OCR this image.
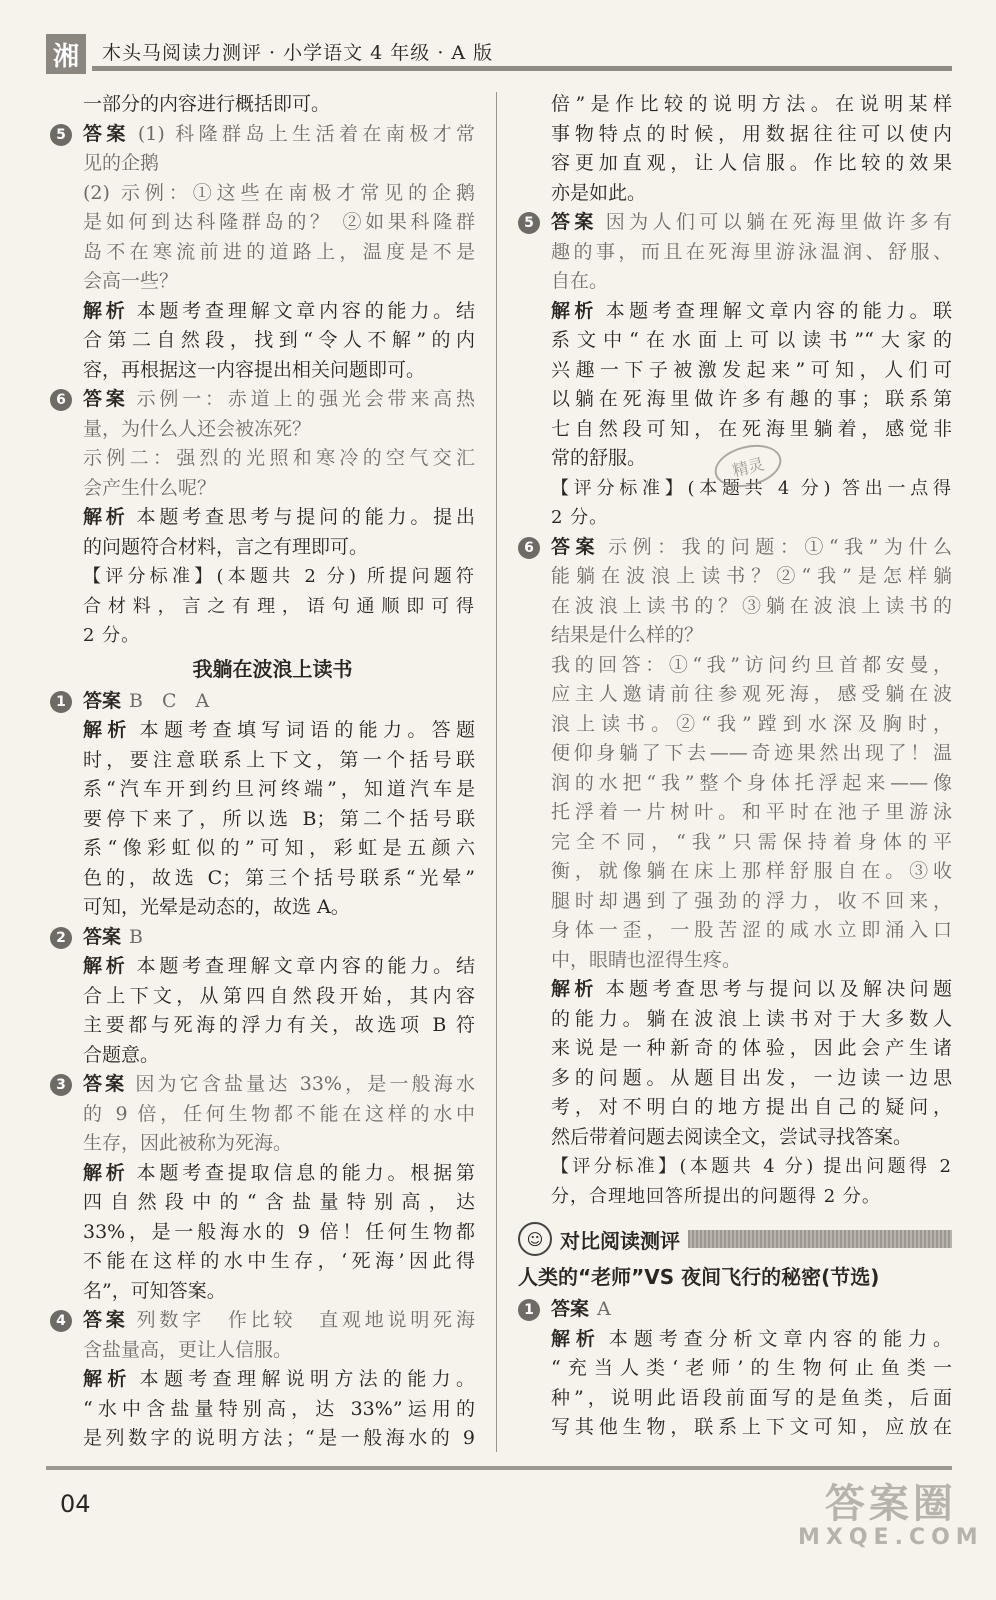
湘	木头马阅读力测评 · 小学语文 4 年级 · A 版
一部分的内容进行概括即可。
5 答案 (1) 科隆群岛上生活着在南极才常
见的企鹅
(2) 示例：①这些在南极才常见的企鹅
是如何到达科隆群岛的？ ②如果科隆群
岛不在寒流前进的道路上，温度是不是
会高一些？
解析 本题考查理解文章内容的能力。结
合第二自然段，找到“令人不解”的内
容，再根据这一内容提出相关问题即可。
6 答案 示例一：赤道上的强光会带来高热
量，为什么人还会被冻死？
示例二：强烈的光照和寒冷的空气交汇
会产生什么呢？
解析 本题考查思考与提问的能力。提出
的问题符合材料，言之有理即可。
【评分标准】(本题共 2 分) 所提问题符
合材料，言之有理，语句通顺即可得
2 分。
我躺在波浪上读书
1 答案 B　C　A
解析 本题考查填写词语的能力。答题
时，要注意联系上下文，第一个括号联
系“汽车开到约旦河终端”，知道汽车是
要停下来了，所以选 B；第二个括号联
系“像彩虹似的”可知，彩虹是五颜六
色的，故选 C；第三个括号联系“光晕”
可知，光晕是动态的，故选 A。
2 答案 B
解析 本题考查理解文章内容的能力。结
合上下文，从第四自然段开始，其内容
主要都与死海的浮力有关，故选项 B 符
合题意。
3 答案 因为它含盐量达 33%，是一般海水
的 9 倍，任何生物都不能在这样的水中
生存，因此被称为死海。
解析 本题考查提取信息的能力。根据第
四自然段中的“含盐量特别高，达
33%，是一般海水的 9 倍！任何生物都
不能在这样的水中生存，‘死海’因此得
名”，可知答案。
4 答案 列数字　作比较　直观地说明死海
含盐量高，更让人信服。
解析 本题考查理解说明方法的能力。
“水中含盐量特别高，达 33%”运用的
是列数字的说明方法；“是一般海水的 9
倍”是作比较的说明方法。在说明某样
事物特点的时候，用数据往往可以使内
容更加直观，让人信服。作比较的效果
亦是如此。
5 答案 因为人们可以躺在死海里做许多有
趣的事，而且在死海里游泳温润、舒服、
自在。
解析 本题考查理解文章内容的能力。联
系文中“在水面上可以读书”“大家的
兴趣一下子被激发起来”可知，人们可
以躺在死海里做许多有趣的事；联系第
七自然段可知，在死海里躺着，感觉非
常的舒服。
【评分标准】(本题共 4 分) 答出一点得
2 分。
6 答案 示例：我的问题：①“我”为什么
能躺在波浪上读书？②“我”是怎样躺
在波浪上读书的？③躺在波浪上读书的
结果是什么样的？
我的回答：①“我”访问约旦首都安曼，
应主人邀请前往参观死海，感受躺在波
浪上读书。②“我”蹚到水深及胸时，
便仰身躺了下去——奇迹果然出现了！温
润的水把“我”整个身体托浮起来——像
托浮着一片树叶。和平时在池子里游泳
完全不同，“我”只需保持着身体的平
衡，就像躺在床上那样舒服自在。③收
腿时却遇到了强劲的浮力，收不回来，
身体一歪，一股苦涩的咸水立即涌入口
中，眼睛也涩得生疼。
解析 本题考查思考与提问以及解决问题
的能力。躺在波浪上读书对于大多数人
来说是一种新奇的体验，因此会产生诸
多的问题。从题目出发，一边读一边思
考，对不明白的地方提出自己的疑问，
然后带着问题去阅读全文，尝试寻找答案。
【评分标准】(本题共 4 分) 提出问题得 2
分，合理地回答所提出的问题得 2 分。
☺ 对比阅读测评
人类的“老师”VS 夜间飞行的秘密(节选)
1 答案 A
解析 本题考查分析文章内容的能力。
“充当人类‘老师’的生物何止鱼类一
种”，说明此语段前面写的是鱼类，后面
写其他生物，联系上下文可知，应放在
精灵
04	答案圈
MXQE.COM
